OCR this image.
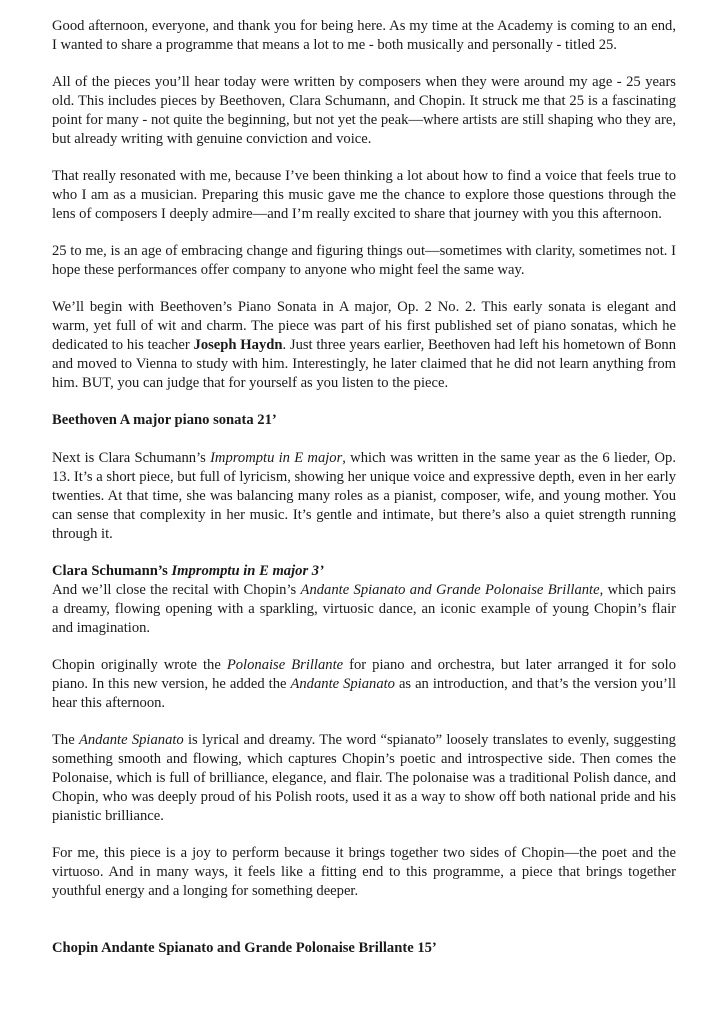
Good afternoon, everyone, and thank you for being here. As my time at the Academy is coming to an end, I wanted to share a programme that means a lot to me - both musically and personally - titled 25.

All of the pieces you’ll hear today were written by composers when they were around my age - 25 years old. This includes pieces by Beethoven, Clara Schumann, and Chopin. It struck me that 25 is a fascinating point for many - not quite the beginning, but not yet the peak—where artists are still shaping who they are, but already writing with genuine conviction and voice.

That really resonated with me, because I’ve been thinking a lot about how to find a voice that feels true to who I am as a musician. Preparing this music gave me the chance to explore those questions through the lens of composers I deeply admire—and I’m really excited to share that journey with you this afternoon.

25 to me, is an age of embracing change and figuring things out—sometimes with clarity, sometimes not. I hope these performances offer company to anyone who might feel the same way.

We’ll begin with Beethoven’s Piano Sonata in A major, Op. 2 No. 2. This early sonata is elegant and warm, yet full of wit and charm. The piece was part of his first published set of piano sonatas, which he dedicated to his teacher Joseph Haydn. Just three years earlier, Beethoven had left his hometown of Bonn and moved to Vienna to study with him. Interestingly, he later claimed that he did not learn anything from him. BUT, you can judge that for yourself as you listen to the piece.

Beethoven A major piano sonata 21’

Next is Clara Schumann’s Impromptu in E major, which was written in the same year as the 6 lieder, Op. 13. It’s a short piece, but full of lyricism, showing her unique voice and expressive depth, even in her early twenties. At that time, she was balancing many roles as a pianist, composer, wife, and young mother. You can sense that complexity in her music. It’s gentle and intimate, but there’s also a quiet strength running through it.

Clara Schumann’s Impromptu in E major 3’

And we’ll close the recital with Chopin’s Andante Spianato and Grande Polonaise Brillante, which pairs a dreamy, flowing opening with a sparkling, virtuosic dance, an iconic example of young Chopin’s flair and imagination.

Chopin originally wrote the Polonaise Brillante for piano and orchestra, but later arranged it for solo piano. In this new version, he added the Andante Spianato as an introduction, and that’s the version you’ll hear this afternoon.

The Andante Spianato is lyrical and dreamy. The word “spianato” loosely translates to evenly, suggesting something smooth and flowing, which captures Chopin’s poetic and introspective side. Then comes the Polonaise, which is full of brilliance, elegance, and flair. The polonaise was a traditional Polish dance, and Chopin, who was deeply proud of his Polish roots, used it as a way to show off both national pride and his pianistic brilliance.

For me, this piece is a joy to perform because it brings together two sides of Chopin—the poet and the virtuoso. And in many ways, it feels like a fitting end to this programme, a piece that brings together youthful energy and a longing for something deeper.

Chopin Andante Spianato and Grande Polonaise Brillante 15’
